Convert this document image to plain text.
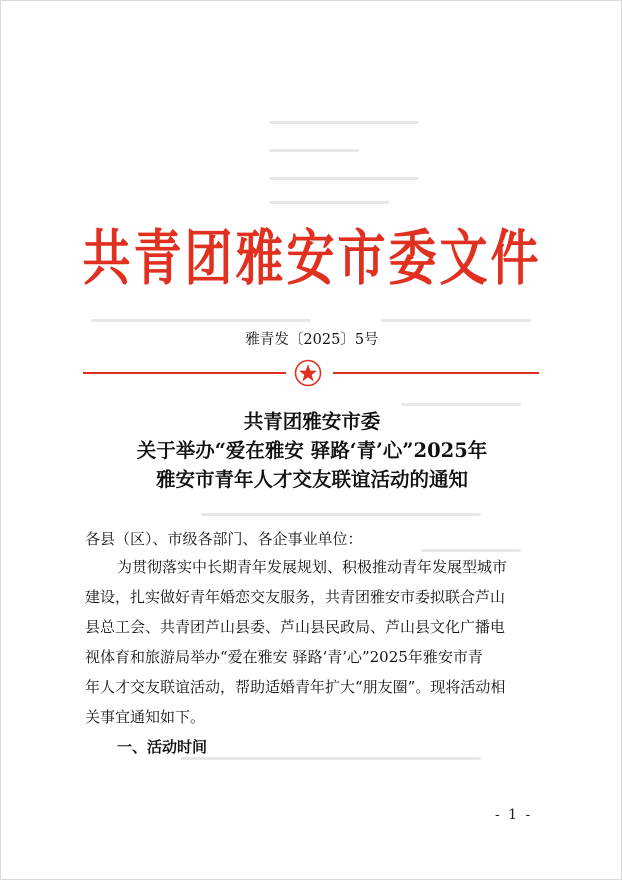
共青团雅安市委文件
雅青发〔2025〕5号
共青团雅安市委
关于举办“爱在雅安 驿路‘青’心”2025年
雅安市青年人才交友联谊活动的通知
各县（区）、市级各部门、各企事业单位：
为贯彻落实中长期青年发展规划、积极推动青年发展型城市
建设，扎实做好青年婚恋交友服务，共青团雅安市委拟联合芦山
县总工会、共青团芦山县委、芦山县民政局、芦山县文化广播电
视体育和旅游局举办“爱在雅安 驿路‘青’心”2025年雅安市青
年人才交友联谊活动，帮助适婚青年扩大“朋友圈”。现将活动相
关事宜通知如下。
一、活动时间
- 1 -
